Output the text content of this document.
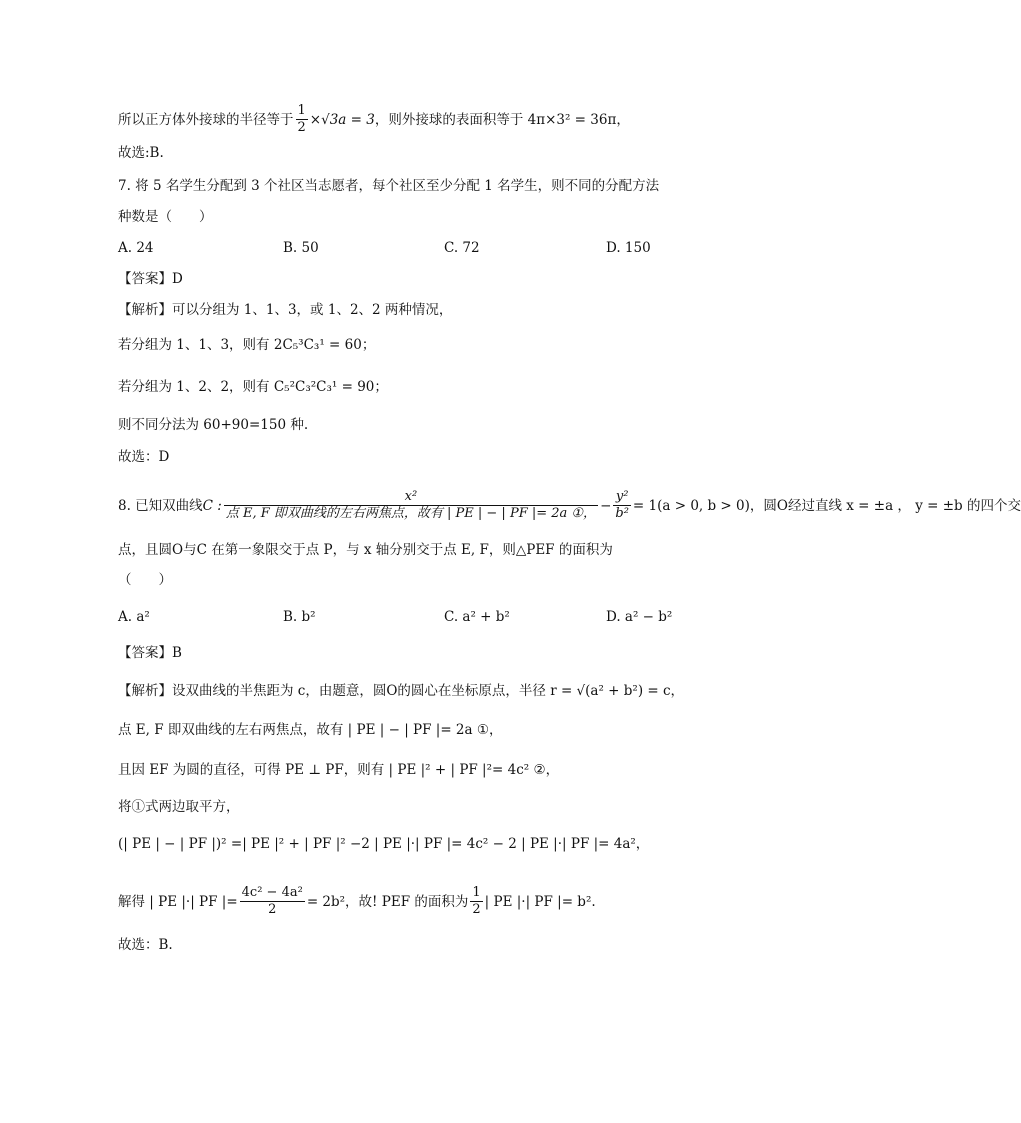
所以正方体外接球的半径等于 $\frac{1}{2} \times√3a = 3$，则外接球的表面积等于 4π×3² = 36π，
故选:B.
7. 将 5 名学生分配到 3 个社区当志愿者，每个社区至少分配 1 名学生，则不同的分配方法
种数是（　　）
A. 24	B. 50	C. 72	D. 150
【答案】D
【解析】可以分组为 1、1、3，或 1、2、2 两种情况，
若分组为 1、1、3，则有 2C₅³C₃¹ = 60；
若分组为 1、2、2，则有 C₅²C₃²C₃¹ = 90；
则不同分法为 60+90=150 种.
故选：D
8. 已知双曲线C : $\frac{\text{x²}}{\text{点 E, F 即双曲线的左右两焦点，故有 | PE | − | PF |= 2a ①，}} - \frac{\text{y²}}{\text{b²}} = 1(a > 0$, b > 0)，圆O经过直线 x = ±a ， y = ±b 的四个交
点，且圆O与C 在第一象限交于点 P，与 x 轴分别交于点 E, F，则△PEF 的面积为
（　　）
A. a²	B. b²	C. a² + b²	D. a² − b²
【答案】B
【解析】设双曲线的半焦距为 c，由题意，圆O的圆心在坐标原点，半径 r = √(a² + b²) = c，
点 E, F 即双曲线的左右两焦点，故有 | PE | − | PF |= 2a ①，
且因 EF 为圆的直径，可得 PE ⊥ PF，则有 | PE |² + | PF |²= 4c² ②，
将①式两边取平方，
(| PE | − | PF |)² =| PE |² + | PF |² −2 | PE |·| PF |= 4c² − 2 | PE |·| PF |= 4a²，
解得 | PE |·| PF |= $\frac{\text{4c² − 4a²}}{2} = 2b^2$，故! PEF 的面积为 $\frac{1}{2}$ | PE |·| PF |= b².
故选：B.
